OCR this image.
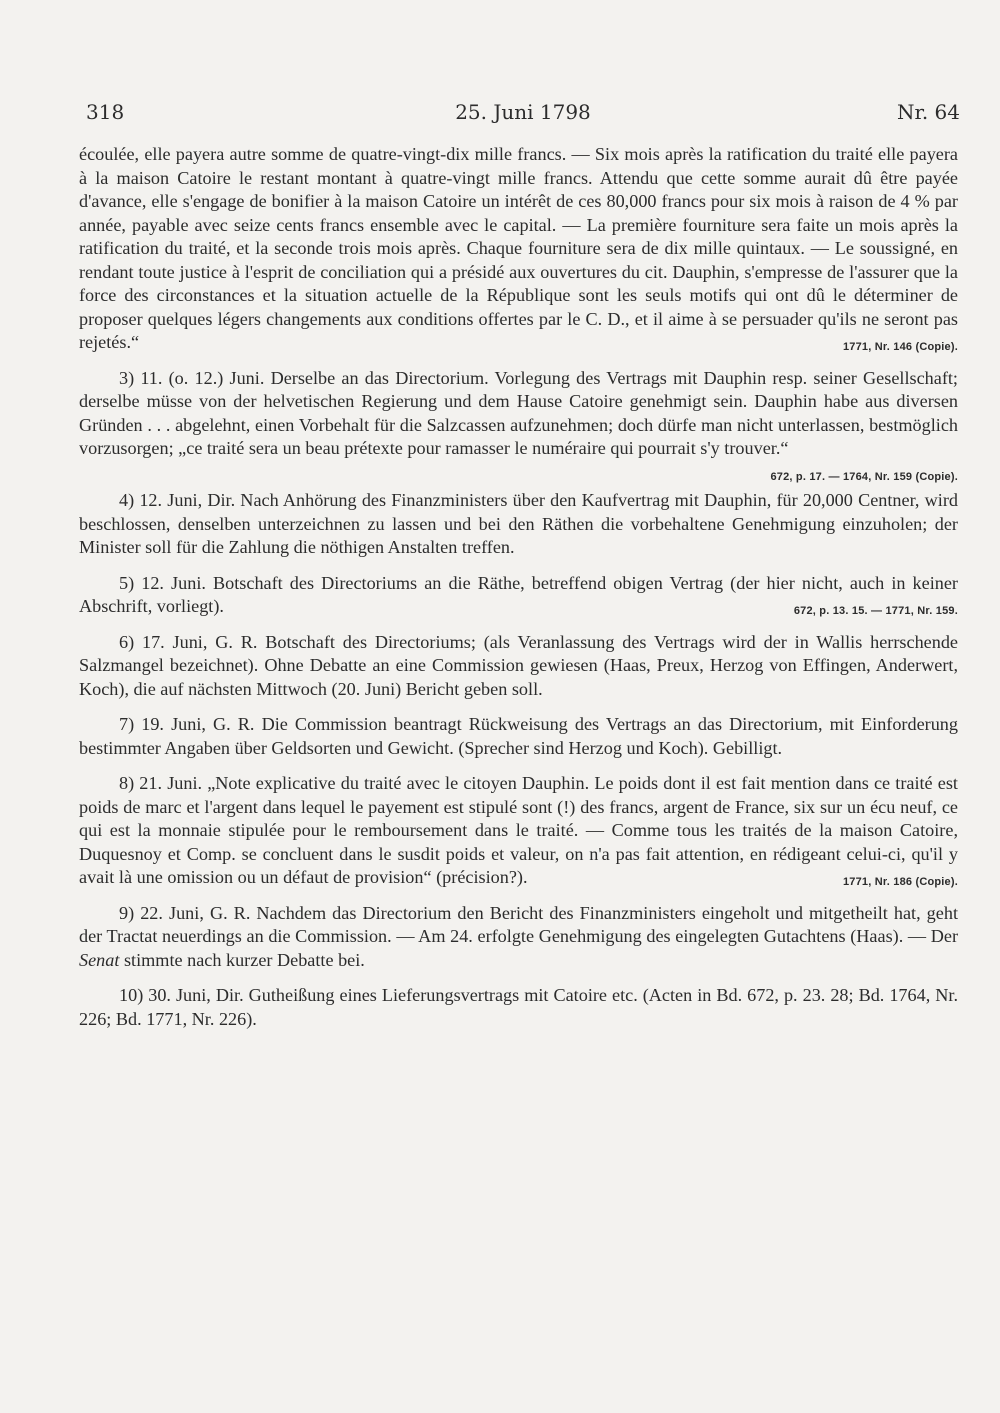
318	25. Juni 1798	Nr. 64

écoulée, elle payera autre somme de quatre-vingt-dix mille francs. — Six mois après la ratification du traité elle payera à la maison Catoire le restant montant à quatre-vingt mille francs. Attendu que cette somme aurait dû être payée d'avance, elle s'engage de bonifier à la maison Catoire un intérêt de ces 80,000 francs pour six mois à raison de 4 % par année, payable avec seize cents francs ensemble avec le capital. — La première fourniture sera faite un mois après la ratification du traité, et la seconde trois mois après. Chaque fourniture sera de dix mille quintaux. — Le soussigné, en rendant toute justice à l'esprit de conciliation qui a présidé aux ouvertures du cit. Dauphin, s'empresse de l'assurer que la force des circonstances et la situation actuelle de la République sont les seuls motifs qui ont dû le déterminer de proposer quelques légers changements aux conditions offertes par le C. D., et il aime à se persuader qu'ils ne seront pas rejetés.“	1771, Nr. 146 (Copie).

3) 11. (o. 12.) Juni. Derselbe an das Directorium. Vorlegung des Vertrags mit Dauphin resp. seiner Gesellschaft; derselbe müsse von der helvetischen Regierung und dem Hause Catoire genehmigt sein. Dauphin habe aus diversen Gründen . . . abgelehnt, einen Vorbehalt für die Salzcassen aufzunehmen; doch dürfe man nicht unterlassen, bestmöglich vorzusorgen; „ce traité sera un beau prétexte pour ramasser le numéraire qui pourrait s'y trouver.“
672, p. 17. — 1764, Nr. 159 (Copie).

4) 12. Juni, Dir. Nach Anhörung des Finanzministers über den Kaufvertrag mit Dauphin, für 20,000 Centner, wird beschlossen, denselben unterzeichnen zu lassen und bei den Räthen die vorbehaltene Genehmigung einzuholen; der Minister soll für die Zahlung die nöthigen Anstalten treffen.

5) 12. Juni. Botschaft des Directoriums an die Räthe, betreffend obigen Vertrag (der hier nicht, auch in keiner Abschrift, vorliegt).	672, p. 13. 15. — 1771, Nr. 159.

6) 17. Juni, G. R. Botschaft des Directoriums; (als Veranlassung des Vertrags wird der in Wallis herrschende Salzmangel bezeichnet). Ohne Debatte an eine Commission gewiesen (Haas, Preux, Herzog von Effingen, Anderwert, Koch), die auf nächsten Mittwoch (20. Juni) Bericht geben soll.

7) 19. Juni, G. R. Die Commission beantragt Rückweisung des Vertrags an das Directorium, mit Einforderung bestimmter Angaben über Geldsorten und Gewicht. (Sprecher sind Herzog und Koch). Gebilligt.

8) 21. Juni. „Note explicative du traité avec le citoyen Dauphin. Le poids dont il est fait mention dans ce traité est poids de marc et l'argent dans lequel le payement est stipulé sont (!) des francs, argent de France, six sur un écu neuf, ce qui est la monnaie stipulée pour le remboursement dans le traité. — Comme tous les traités de la maison Catoire, Duquesnoy et Comp. se concluent dans le susdit poids et valeur, on n'a pas fait attention, en rédigeant celui-ci, qu'il y avait là une omission ou un défaut de provision“ (précision?).	1771, Nr. 186 (Copie).

9) 22. Juni, G. R. Nachdem das Directorium den Bericht des Finanzministers eingeholt und mitgetheilt hat, geht der Tractat neuerdings an die Commission. — Am 24. erfolgte Genehmigung des eingelegten Gutachtens (Haas). — Der Senat stimmte nach kurzer Debatte bei.

10) 30. Juni, Dir. Gutheißung eines Lieferungsvertrags mit Catoire etc. (Acten in Bd. 672, p. 23. 28; Bd. 1764, Nr. 226; Bd. 1771, Nr. 226).
